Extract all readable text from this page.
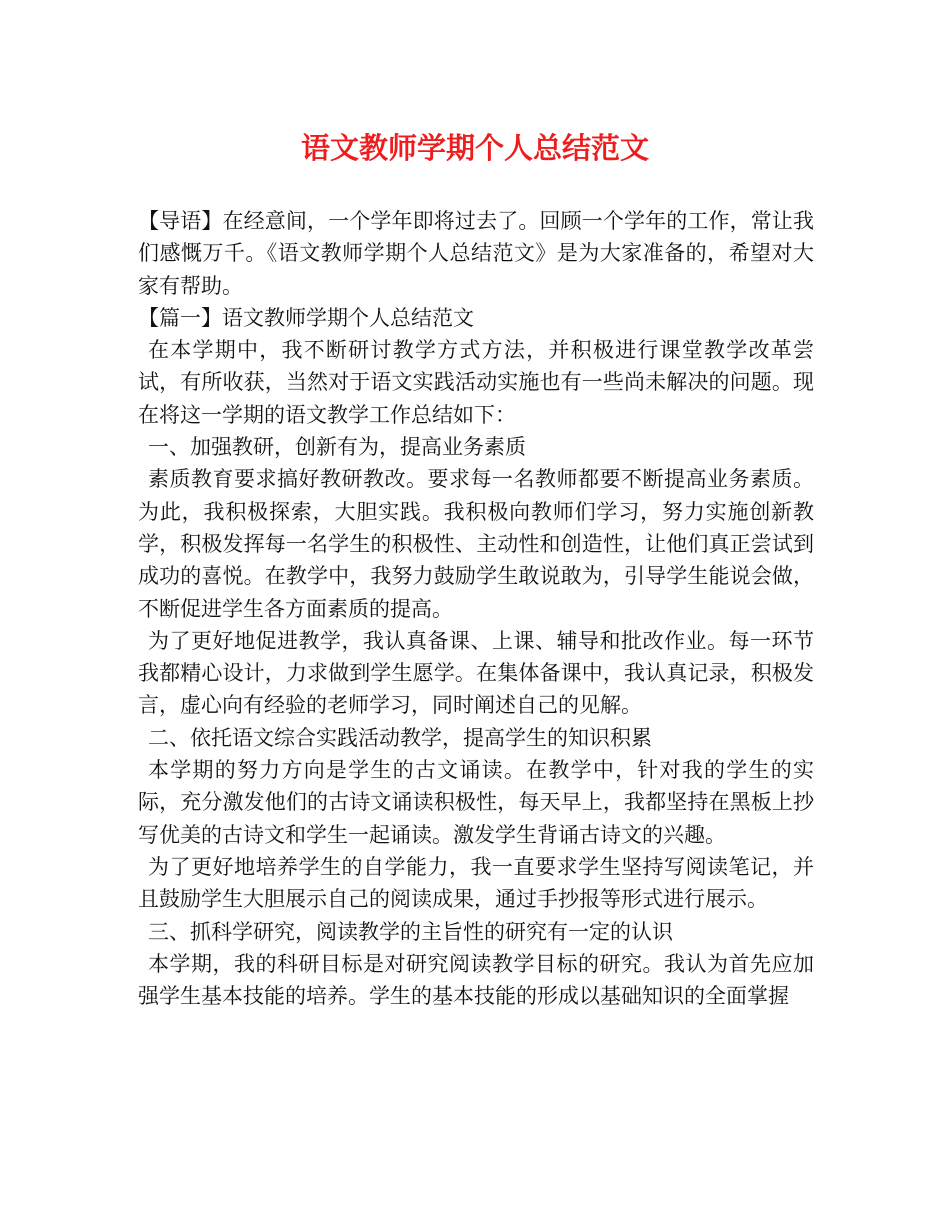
语文教师学期个人总结范文

【导语】在经意间，一个学年即将过去了。回顾一个学年的工作，常让我们感慨万千。《语文教师学期个人总结范文》是为大家准备的，希望对大家有帮助。

【篇一】语文教师学期个人总结范文

在本学期中，我不断研讨教学方式方法，并积极进行课堂教学改革尝试，有所收获，当然对于语文实践活动实施也有一些尚未解决的问题。现在将这一学期的语文教学工作总结如下：

一、加强教研，创新有为，提高业务素质

素质教育要求搞好教研教改。要求每一名教师都要不断提高业务素质。为此，我积极探索，大胆实践。我积极向教师们学习，努力实施创新教学，积极发挥每一名学生的积极性、主动性和创造性，让他们真正尝试到成功的喜悦。在教学中，我努力鼓励学生敢说敢为，引导学生能说会做，不断促进学生各方面素质的提高。

为了更好地促进教学，我认真备课、上课、辅导和批改作业。每一环节我都精心设计，力求做到学生愿学。在集体备课中，我认真记录，积极发言，虚心向有经验的老师学习，同时阐述自己的见解。

二、依托语文综合实践活动教学，提高学生的知识积累

本学期的努力方向是学生的古文诵读。在教学中，针对我的学生的实际，充分激发他们的古诗文诵读积极性，每天早上，我都坚持在黑板上抄写优美的古诗文和学生一起诵读。激发学生背诵古诗文的兴趣。

为了更好地培养学生的自学能力，我一直要求学生坚持写阅读笔记，并且鼓励学生大胆展示自己的阅读成果，通过手抄报等形式进行展示。

三、抓科学研究，阅读教学的主旨性的研究有一定的认识

本学期，我的科研目标是对研究阅读教学目标的研究。我认为首先应加强学生基本技能的培养。学生的基本技能的形成以基础知识的全面掌握
